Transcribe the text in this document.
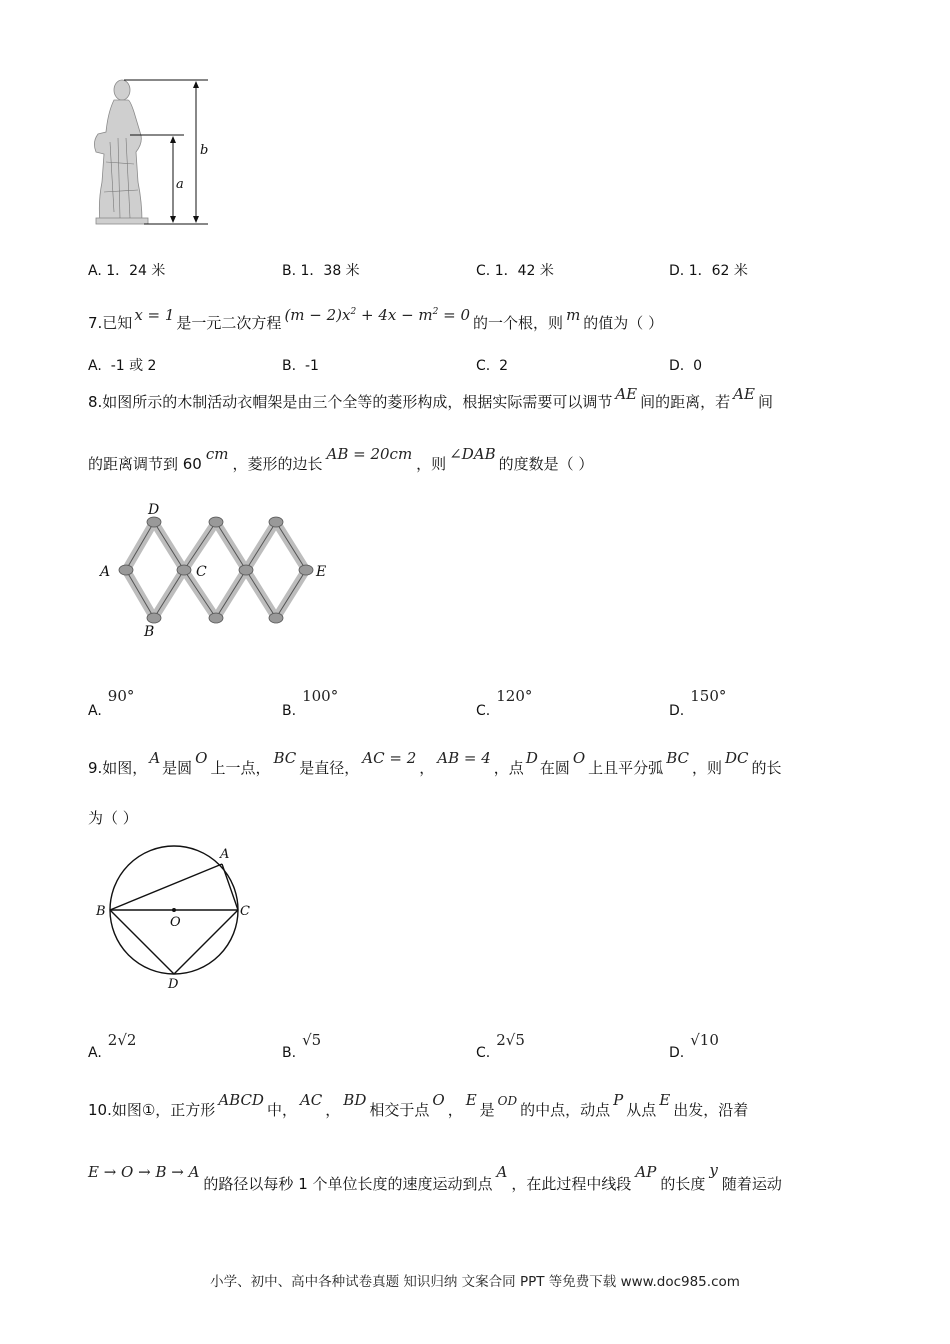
a
b
A. 1．24 米	B. 1．38 米	C. 1．42 米	D. 1．62 米
7.已知 x = 1 是一元二次方程 $(m - 2)x^2 + 4x - m^2 = 0$ 的一个根，则 m 的值为（ ）
A. -1 或 2	B. -1	C. 2	D. 0
8.如图所示的木制活动衣帽架是由三个全等的菱形构成，根据实际需要可以调节 AE 间的距离，若 AE 间
的距离调节到 60cm，菱形的边长AB = 20cm，则∠DAB的度数是（ ）
A
D
C
B
E
A.90°
B.100°
C.120°
D.150°
9.如图，A是圆O上一点，BC是直径，AC = 2，AB = 4，点D在圆O上且平分弧BC，则DC的长
为（ ）
A
B	C
D
O
A.2√2
B.√5
C.2√5
D.√10
10.如图①，正方形ABCD中，AC，BD相交于点O，E是 $^{OD}$ 的中点，动点P从点E出发，沿着
E → O → B → A的路径以每秒 1 个单位长度的速度运动到点A，在此过程中线段AP的长度y随着运动
小学、初中、高中各种试卷真题 知识归纳 文案合同 PPT 等免费下载 www.doc985.com
